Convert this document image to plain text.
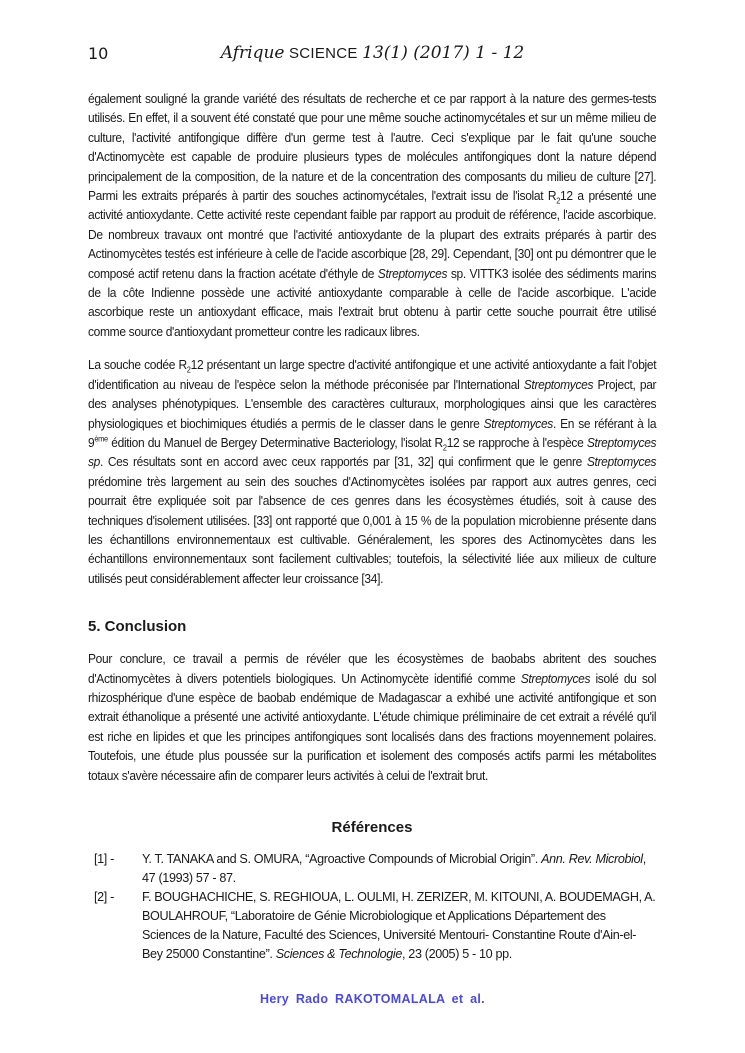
10	Afrique SCIENCE 13(1) (2017) 1 - 12

également souligné la grande variété des résultats de recherche et ce par rapport à la nature des germes-tests utilisés. En effet, il a souvent été constaté que pour une même souche actinomycétales et sur un même milieu de culture, l'activité antifongique diffère d'un germe test à l'autre. Ceci s'explique par le fait qu'une souche d'Actinomycète est capable de produire plusieurs types de molécules antifongiques dont la nature dépend principalement de la composition, de la nature et de la concentration des composants du milieu de culture [27]. Parmi les extraits préparés à partir des souches actinomycétales, l'extrait issu de l'isolat $R_212$ a présenté une activité antioxydante. Cette activité reste cependant faible par rapport au produit de référence, l'acide ascorbique. De nombreux travaux ont montré que l'activité antioxydante de la plupart des extraits préparés à partir des Actinomycètes testés est inférieure à celle de l'acide ascorbique [28, 29]. Cependant, [30] ont pu démontrer que le composé actif retenu dans la fraction acétate d'éthyle de Streptomyces sp. VITTK3 isolée des sédiments marins de la côte Indienne possède une activité antioxydante comparable à celle de l'acide ascorbique. L'acide ascorbique reste un antioxydant efficace, mais l'extrait brut obtenu à partir cette souche pourrait être utilisé comme source d'antioxydant prometteur contre les radicaux libres.

La souche codée $R_212$ présentant un large spectre d'activité antifongique et une activité antioxydante a fait l'objet d'identification au niveau de l'espèce selon la méthode préconisée par l'International Streptomyces Project, par des analyses phénotypiques. L'ensemble des caractères culturaux, morphologiques ainsi que les caractères physiologiques et biochimiques étudiés a permis de le classer dans le genre Streptomyces. En se référant à la 9ème édition du Manuel de Bergey Determinative Bacteriology, l'isolat $R_212$ se rapproche à l'espèce Streptomyces sp. Ces résultats sont en accord avec ceux rapportés par [31, 32] qui confirment que le genre Streptomyces prédomine très largement au sein des souches d'Actinomycètes isolées par rapport aux autres genres, ceci pourrait être expliquée soit par l'absence de ces genres dans les écosystèmes étudiés, soit à cause des techniques d'isolement utilisées. [33] ont rapporté que 0,001 à 15 % de la population microbienne présente dans les échantillons environnementaux est cultivable. Généralement, les spores des Actinomycètes dans les échantillons environnementaux sont facilement cultivables; toutefois, la sélectivité liée aux milieux de culture utilisés peut considérablement affecter leur croissance [34].

5. Conclusion

Pour conclure, ce travail a permis de révéler que les écosystèmes de baobabs abritent des souches d'Actinomycètes à divers potentiels biologiques. Un Actinomycète identifié comme Streptomyces isolé du sol rhizosphérique d'une espèce de baobab endémique de Madagascar a exhibé une activité antifongique et son extrait éthanolique a présenté une activité antioxydante. L'étude chimique préliminaire de cet extrait a révélé qu'il est riche en lipides et que les principes antifongiques sont localisés dans des fractions moyennement polaires. Toutefois, une étude plus poussée sur la purification et isolement des composés actifs parmi les métabolites totaux s'avère nécessaire afin de comparer leurs activités à celui de l'extrait brut.

Références
[1] -	Y. T. TANAKA and S. OMURA, “Agroactive Compounds of Microbial Origin”. Ann. Rev. Microbiol, 47 (1993) 57 - 87.
[2] -	F. BOUGHACHICHE, S. REGHIOUA, L. OULMI, H. ZERIZER, M. KITOUNI, A. BOUDEMAGH, A. BOULAHROUF, “Laboratoire de Génie Microbiologique et Applications Département des Sciences de la Nature, Faculté des Sciences, Université Mentouri- Constantine Route d'Ain-el- Bey 25000 Constantine”. Sciences & Technologie, 23 (2005) 5 - 10 pp.
Hery Rado RAKOTOMALALA et al.
